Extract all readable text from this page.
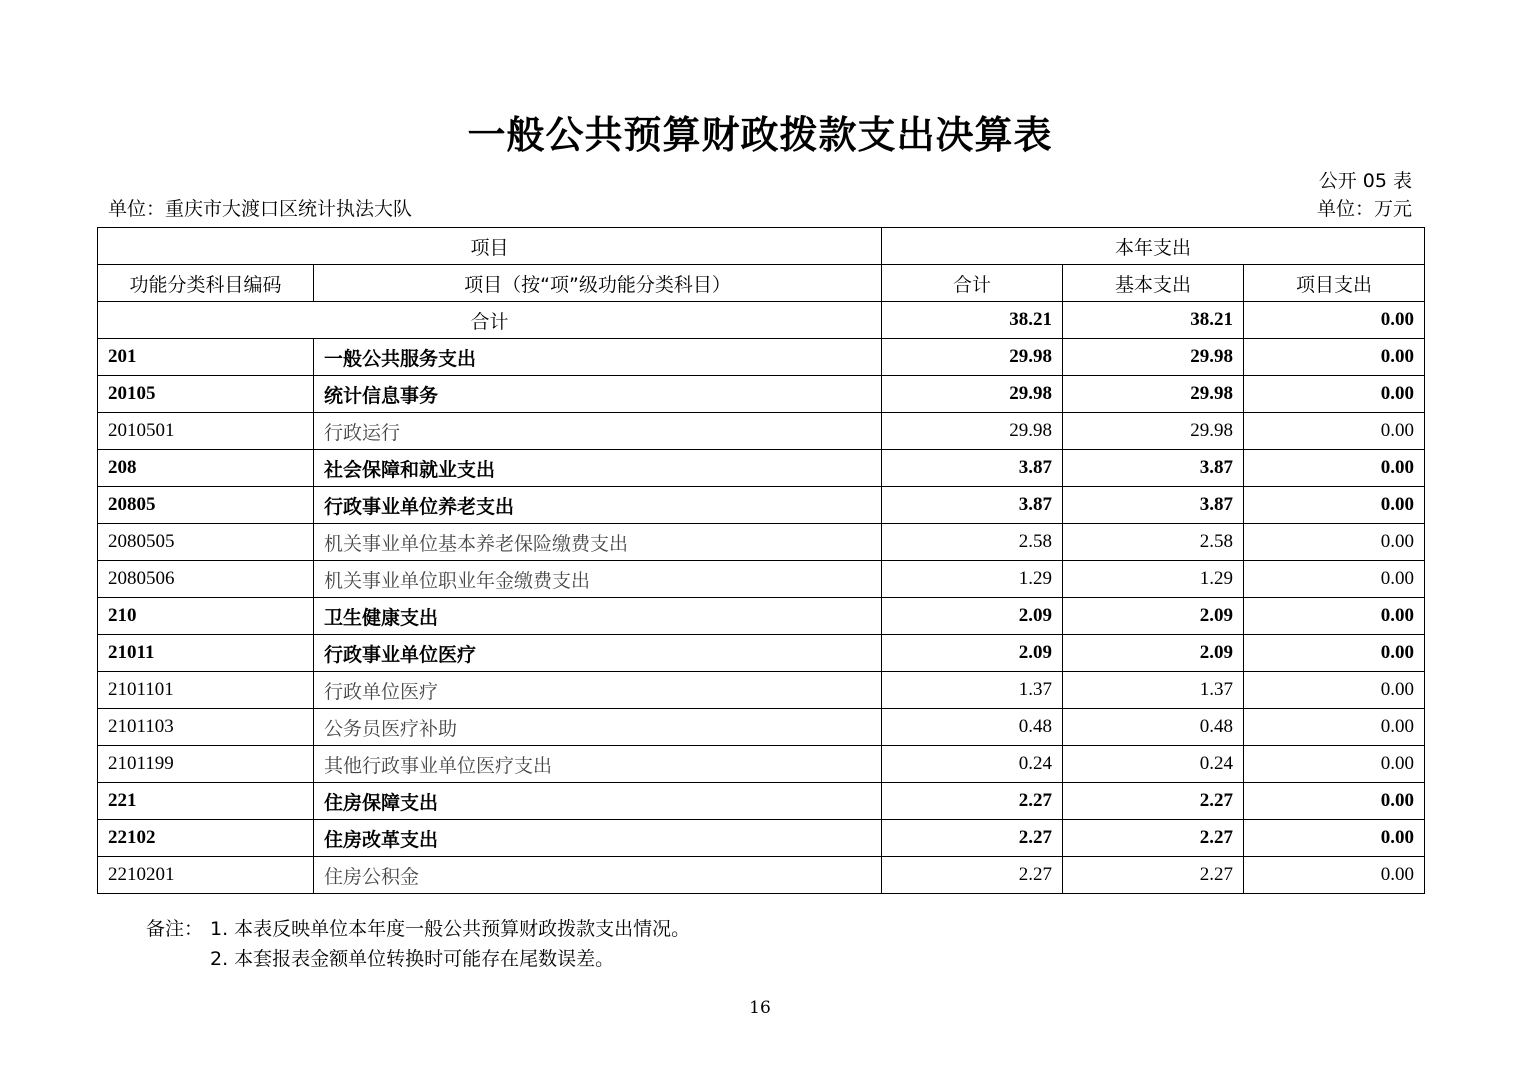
一般公共预算财政拨款支出决算表
公开 05 表
单位：重庆市大渡口区统计执法大队	单位：万元
项目		本年支出		
功能分类科目编码	项目（按“项”级功能分类科目）	合计	基本支出	项目支出
合计		38.21	38.21	0.00
201	一般公共服务支出	29.98	29.98	0.00
20105	统计信息事务	29.98	29.98	0.00
2010501	行政运行	29.98	29.98	0.00
208	社会保障和就业支出	3.87	3.87	0.00
20805	行政事业单位养老支出	3.87	3.87	0.00
2080505	机关事业单位基本养老保险缴费支出	2.58	2.58	0.00
2080506	机关事业单位职业年金缴费支出	1.29	1.29	0.00
210	卫生健康支出	2.09	2.09	0.00
21011	行政事业单位医疗	2.09	2.09	0.00
2101101	行政单位医疗	1.37	1.37	0.00
2101103	公务员医疗补助	0.48	0.48	0.00
2101199	其他行政事业单位医疗支出	0.24	0.24	0.00
221	住房保障支出	2.27	2.27	0.00
22102	住房改革支出	2.27	2.27	0.00
2210201	住房公积金	2.27	2.27	0.00
备注： 1. 本表反映单位本年度一般公共预算财政拨款支出情况。
2. 本套报表金额单位转换时可能存在尾数误差。
16
